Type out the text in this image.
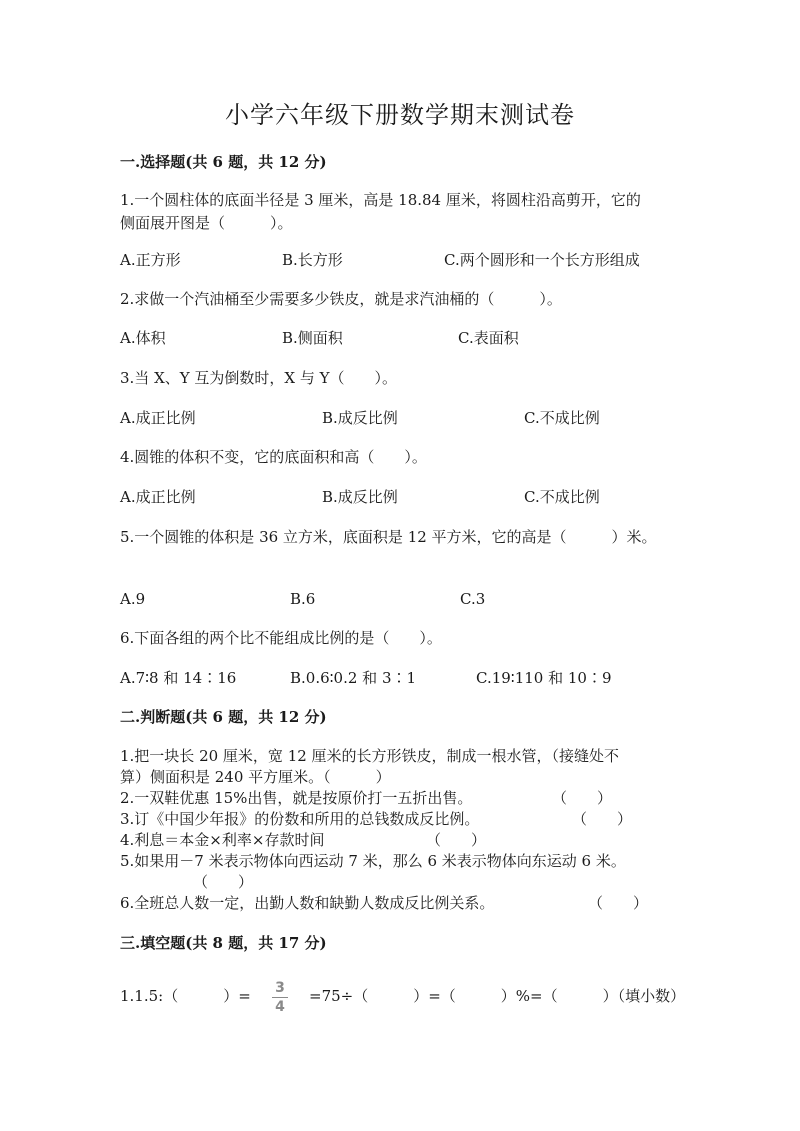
小学六年级下册数学期末测试卷
一.选择题(共 6 题，共 12 分)
1.一个圆柱体的底面半径是 3 厘米，高是 18.84 厘米，将圆柱沿高剪开，它的
侧面展开图是（　　　）。
A.正方形	B.长方形	C.两个圆形和一个长方形组成
2.求做一个汽油桶至少需要多少铁皮，就是求汽油桶的（　　　）。
A.体积	B.侧面积	C.表面积
3.当 X、Y 互为倒数时，X 与 Y（　　）。
A.成正比例	B.成反比例	C.不成比例
4.圆锥的体积不变，它的底面积和高（　　）。
A.成正比例	B.成反比例	C.不成比例
5.一个圆锥的体积是 36 立方米，底面积是 12 平方米，它的高是（　　　）米。
A.9	B.6	C.3
6.下面各组的两个比不能组成比例的是（　　）。
A.7∶8 和 14∶16	B.0.6∶0.2 和 3∶1	C.19∶110 和 10∶9
二.判断题(共 6 题，共 12 分)
1.把一块长 20 厘米，宽 12 厘米的长方形铁皮，制成一根水管，（接缝处不
算）侧面积是 240 平方厘米。（　　　）
2.一双鞋优惠 15%出售，就是按原价打一五折出售。	（　　）
3.订《中国少年报》的份数和所用的总钱数成反比例。	（　　）
4.利息＝本金×利率×存款时间	（　　）
5.如果用－7 米表示物体向西运动 7 米，那么 6 米表示物体向东运动 6 米。
（　　）
6.全班总人数一定，出勤人数和缺勤人数成反比例关系。	（　　）
三.填空题(共 8 题，共 17 分)
1.1.5:（　　　）= 3
4
=75÷（　　　）=（　　　）%=（　　　）（填小数）
